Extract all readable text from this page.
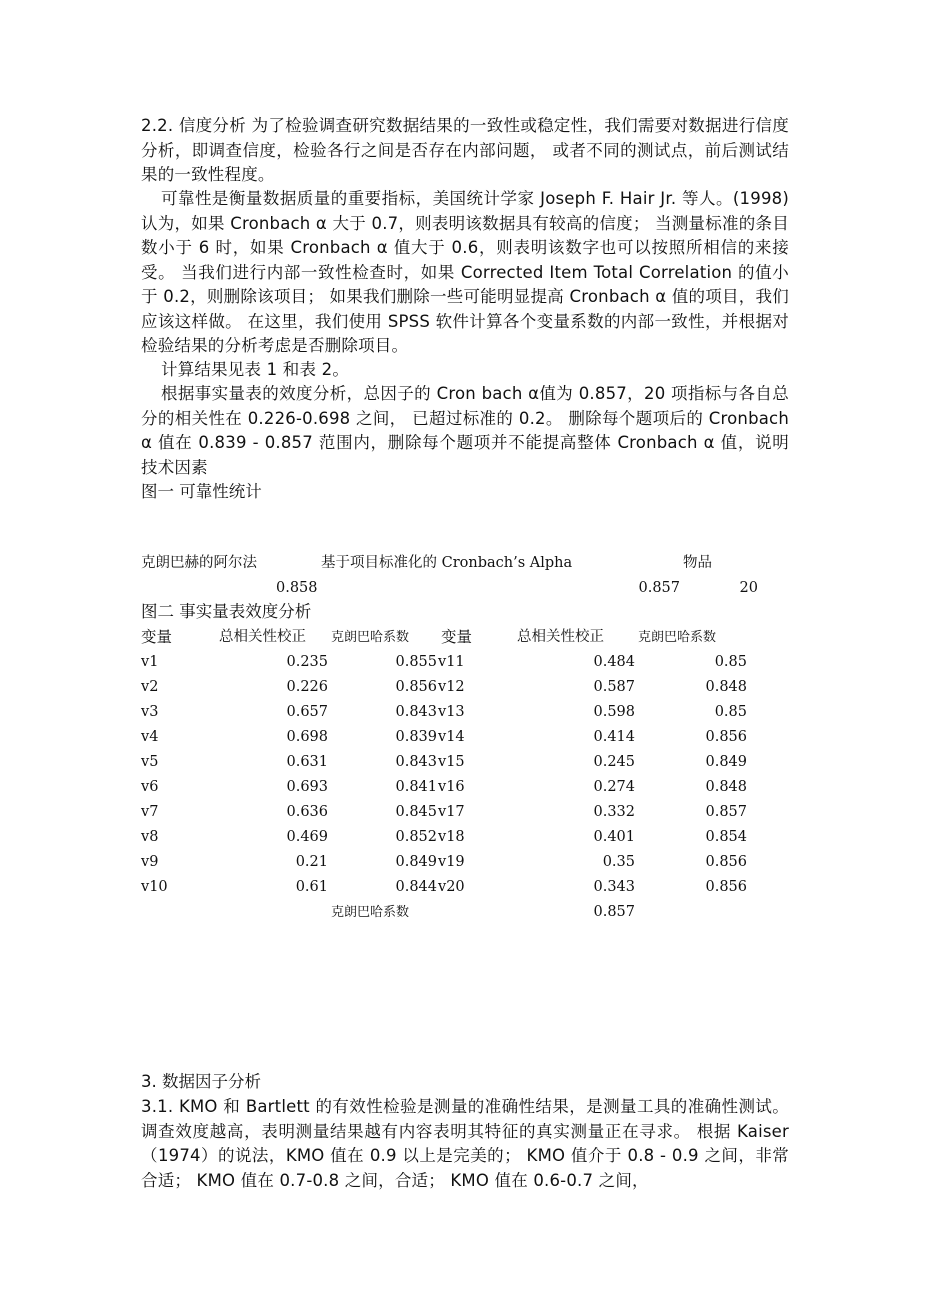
2.2. 信度分析 为了检验调查研究数据结果的一致性或稳定性，我们需要对数据进行信度分析，即调查信度，检验各行之间是否存在内部问题， 或者不同的测试点，前后测试结果的一致性程度。

可靠性是衡量数据质量的重要指标，美国统计学家 Joseph F. Hair Jr. 等人。(1998) 认为，如果 Cronbach α 大于 0.7，则表明该数据具有较高的信度； 当测量标准的条目数小于 6 时，如果 Cronbach α 值大于 0.6，则表明该数字也可以按照所相信的来接受。 当我们进行内部一致性检查时，如果 Corrected Item Total Correlation 的值小于 0.2，则删除该项目； 如果我们删除一些可能明显提高 Cronbach α 值的项目，我们应该这样做。 在这里，我们使用 SPSS 软件计算各个变量系数的内部一致性，并根据对检验结果的分析考虑是否删除项目。

计算结果见表 1 和表 2。

根据事实量表的效度分析，总因子的 Cron bach α值为 0.857，20 项指标与各自总分的相关性在 0.226-0.698 之间， 已超过标准的 0.2。 删除每个题项后的 Cronbach α 值在 0.839 - 0.857 范围内，删除每个题项并不能提高整体 Cronbach α 值，说明技术因素

图一 可靠性统计

克朗巴赫的阿尔法	基于项目标准化的 Cronbach’s Alpha	物品
0.858	0.857	20

图二 事实量表效度分析

变量	总相关性校正 克朗巴哈系数 变量	总相关性校正	克朗巴哈系数
v1	0.235	0.855 v11	0.484	0.85
v2	0.226	0.856 v12	0.587	0.848
v3	0.657	0.843 v13	0.598	0.85
v4	0.698	0.839 v14	0.414	0.856
v5	0.631	0.843 v15	0.245	0.849
v6	0.693	0.841 v16	0.274	0.848
v7	0.636	0.845 v17	0.332	0.857
v8	0.469	0.852 v18	0.401	0.854
v9	0.21	0.849 v19	0.35	0.856
v10	0.61	0.844 v20	0.343	0.856
克朗巴哈系数	0.857

3. 数据因子分析

3.1. KMO 和 Bartlett 的有效性检验是测量的准确性结果，是测量工具的准确性测试。 调查效度越高，表明测量结果越有内容表明其特征的真实测量正在寻求。 根据 Kaiser（1974）的说法，KMO 值在 0.9 以上是完美的； KMO 值介于 0.8 - 0.9 之间，非常合适； KMO 值在 0.7-0.8 之间，合适； KMO 值在 0.6-0.7 之间，
